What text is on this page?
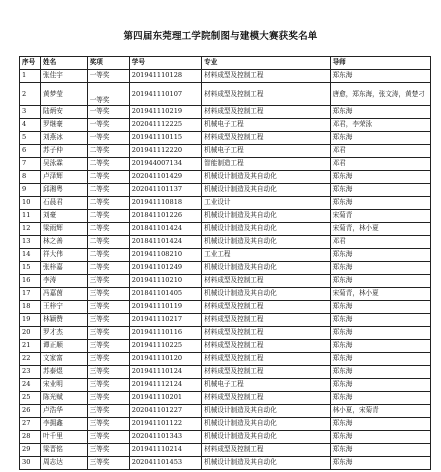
第四届东莞理工学院制图与建模大赛获奖名单
序号	姓名	奖项	学号	专业	导师
1	张佳宇	一等奖	201941110128	材料成型及控制工程	郑东海
2	黄梦莹	一等奖	201941110107	材料成型及控制工程	唐愈，郑东海，张文涛，黄楚刁
3	陆炳安	一等奖	201941110219	材料成型及控制工程	郑东海
4	罗继豪	一等奖	202041112225	机械电子工程	邓君，李荣泳
5	刘燕冰	一等奖	201941110115	材料成型及控制工程	郑东海
6	苏子仲	二等奖	201941112220	机械电子工程	邓君
7	吴泳霖	二等奖	201944007134	智能制造工程	邓君
8	卢泽辉	二等奖	202041101429	机械设计制造及其自动化	郑东海
9	邱湘粤	二等奖	202041101137	机械设计制造及其自动化	郑东海
10	石晨君	二等奖	201941110818	工业设计	郑东海
11	刘豪	二等奖	201841101226	机械设计制造及其自动化	宋菊青
12	梁雨辉	二等奖	201841101424	机械设计制造及其自动化	宋菊青，林小夏
13	林之善	二等奖	201841101424	机械设计制造及其自动化	邓君
14	祥大伟	二等奖	201941108210	工业工程	郑东海
15	张梓嘉	二等奖	201941101249	机械设计制造及其自动化	郑东海
16	李涛	三等奖	201941110210	材料成型及控制工程	郑东海
17	冯嘉茵	三等奖	201841101405	机械设计制造及其自动化	宋菊青，林小夏
18	王梓宁	三等奖	201941110119	材料成型及控制工程	郑东海
19	林颖赞	三等奖	201941110217	材料成型及控制工程	郑东海
20	罗才杰	三等奖	201941110116	材料成型及控制工程	郑东海
21	谭正顺	三等奖	201941110225	材料成型及控制工程	郑东海
22	文家富	三等奖	201941110120	材料成型及控制工程	郑东海
23	苏泰煜	三等奖	201941110124	材料成型及控制工程	郑东海
24	宋业明	三等奖	201941112124	机械电子工程	郑东海
25	陈光赋	三等奖	201941110201	材料成型及控制工程	郑东海
26	卢浩华	三等奖	202041101227	机械设计制造及其自动化	林小夏，宋菊青
27	李拥鑫	三等奖	201941101122	机械设计制造及其自动化	郑东海
28	叶千里	三等奖	202041101343	机械设计制造及其自动化	郑东海
29	梁晋铭	三等奖	201941110214	材料成型及控制工程	郑东海
30	周志达	三等奖	202041101453	机械设计制造及其自动化	郑东海
